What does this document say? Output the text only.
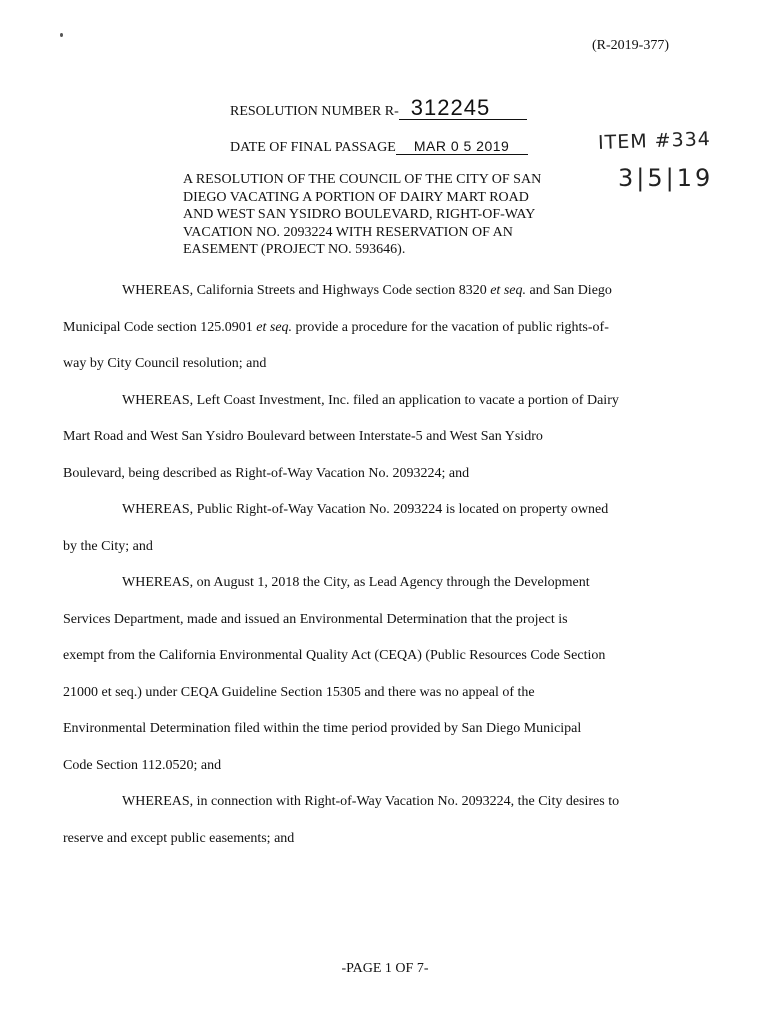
(R-2019-377)
RESOLUTION NUMBER R- 312245
DATE OF FINAL PASSAGE MAR 0 5 2019	ITEM #334
3|5|19
A RESOLUTION OF THE COUNCIL OF THE CITY OF SAN
DIEGO VACATING A PORTION OF DAIRY MART ROAD
AND WEST SAN YSIDRO BOULEVARD, RIGHT-OF-WAY
VACATION NO. 2093224 WITH RESERVATION OF AN
EASEMENT (PROJECT NO. 593646).
WHEREAS, California Streets and Highways Code section 8320 et seq. and San Diego
Municipal Code section 125.0901 et seq. provide a procedure for the vacation of public rights-of-
way by City Council resolution; and
WHEREAS, Left Coast Investment, Inc. filed an application to vacate a portion of Dairy
Mart Road and West San Ysidro Boulevard between Interstate-5 and West San Ysidro
Boulevard, being described as Right-of-Way Vacation No. 2093224; and
WHEREAS, Public Right-of-Way Vacation No. 2093224 is located on property owned
by the City; and
WHEREAS, on August 1, 2018 the City, as Lead Agency through the Development
Services Department, made and issued an Environmental Determination that the project is
exempt from the California Environmental Quality Act (CEQA) (Public Resources Code Section
21000 et seq.) under CEQA Guideline Section 15305 and there was no appeal of the
Environmental Determination filed within the time period provided by San Diego Municipal
Code Section 112.0520; and
WHEREAS, in connection with Right-of-Way Vacation No. 2093224, the City desires to
reserve and except public easements; and
-PAGE 1 OF 7-
